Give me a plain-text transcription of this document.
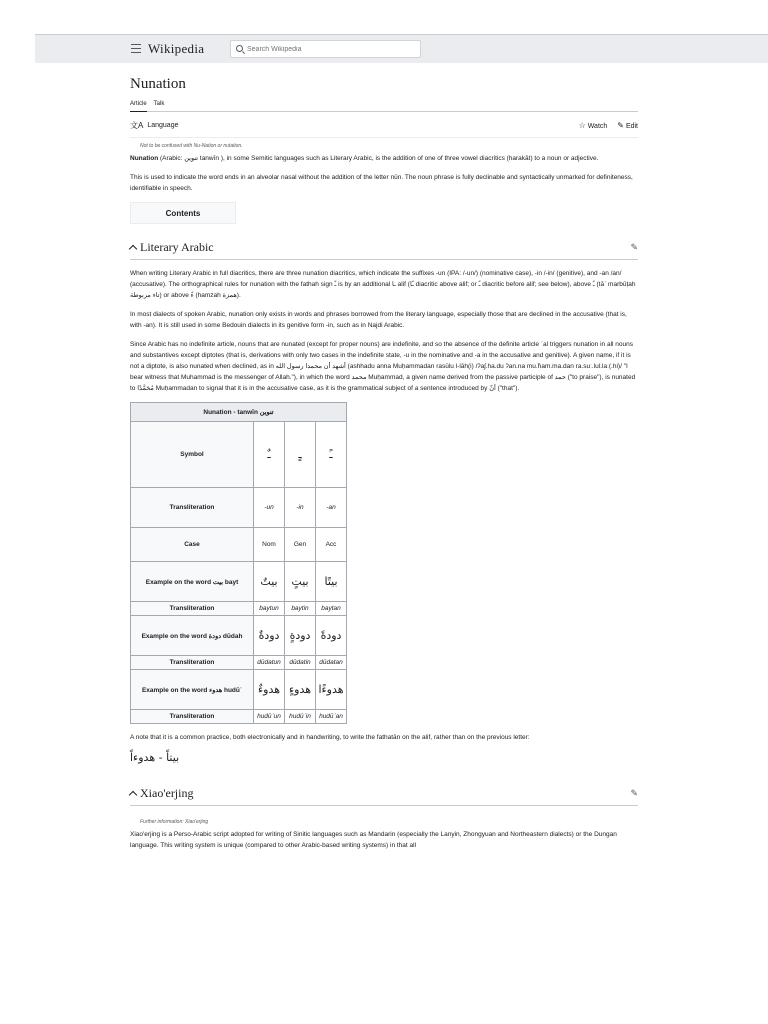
Wikipedia
Search Wikipedia
Nunation
Article Talk
文A Language	☆ Watch ✎ Edit
Not to be confused with Nu-Nation or nutation.

Nunation (Arabic: تنوين tanwīn ), in some Semitic languages such as Literary Arabic, is the addition of one of three vowel diacritics (harakāt) to a noun or adjective.

This is used to indicate the word ends in an alveolar nasal without the addition of the letter nūn. The noun phrase is fully declinable and syntactically unmarked for definiteness, identifiable in speech.

Contents
Literary Arabic	✎

When writing Literary Arabic in full diacritics, there are three nunation diacritics, which indicate the suffixes -un (IPA: /-un/) (nominative case), -in /-in/ (genitive), and -an /an/ (accusative). The orthographical rules for nunation with the fathah sign ـً is by an additional ـا alif (ـًا diacritic above alif; or ـً diacritic before alif; see below), above ـً (tāʾ marbūṭah تاء مربوطة) or above ءً (hamzah همزة).

In most dialects of spoken Arabic, nunation only exists in words and phrases borrowed from the literary language, especially those that are declined in the accusative (that is, with -an). It is still used in some Bedouin dialects in its genitive form -in, such as in Najdi Arabic.

Since Arabic has no indefinite article, nouns that are nunated (except for proper nouns) are indefinite, and so the absence of the definite article ʾal triggers nunation in all nouns and substantives except diptotes (that is, derivations with only two cases in the indefinite state, -u in the nominative and -a in the accusative and genitive). A given name, if it is not a diptote, is also nunated when declined, as in أشهد أن محمدا رسول الله (ashhadu anna Muḥammadan rasūlu l-lāh(i) /ʔaʃ.ha.du ʔan.na mu.ħam.ma.dan ra.suː.lul.laː(.hi)/ "I bear witness that Muhammad is the messenger of Allah."), in which the word محمد Muḥammad, a given name derived from the passive participle of حمد ("to praise"), is nunated to مُحَمَّدًا Muḥammadan to signal that it is in the accusative case, as it is the grammatical subject of a sentence introduced by أنّ ("that").

Nunation - tanwīn تنوين			
Symbol	ـٌ	ـٍ	ـً
Transliteration	-un	-in	-an
Case	Nom	Gen	Acc
Example on the word بيت bayt	بيتٌ	بيتٍ	بيتًا
Transliteration	baytun	baytin	baytan
Example on the word دودة dūdah	دودةٌ	دودةٍ	دودةً
Transliteration	dūdatun	dūdatin	dūdatan
Example on the word هدوء hudūʾ	هدوءٌ	هدوءٍ	هدوءًا
Transliteration	hudūʾun	hudūʾin	hudūʾan

A note that it is a common practice, both electronically and in handwriting, to write the fathatān on the alif, rather than on the previous letter:

بيتاً - هدوءاً
Xiao'erjing	✎
Further information: Xiao'erjing

Xiao'erjing is a Perso-Arabic script adopted for writing of Sinitic languages such as Mandarin (especially the Lanyin, Zhongyuan and Northeastern dialects) or the Dungan language. This writing system is unique (compared to other Arabic-based writing systems) in that all
